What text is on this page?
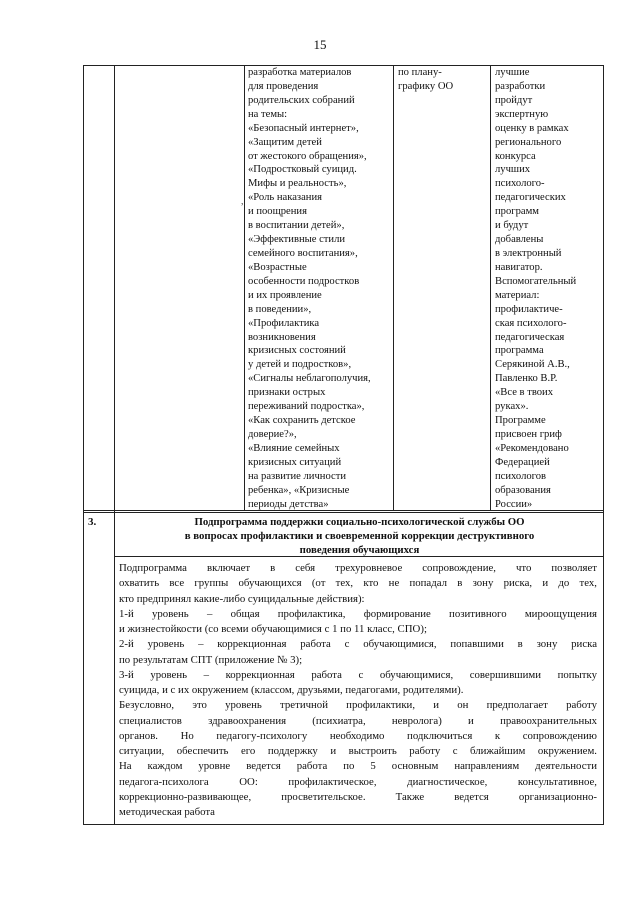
15
,
разработка материалов
для проведения
родительских собраний
на темы:
«Безопасный интернет»,
«Защитим детей
от жестокого обращения»,
«Подростковый суицид.
Мифы и реальность»,
«Роль наказания
и поощрения
в воспитании детей»,
«Эффективные стили
семейного воспитания»,
«Возрастные
особенности подростков
и их проявление
в поведении»,
«Профилактика
возникновения
кризисных состояний
у детей и подростков»,
«Сигналы неблагополучия,
признаки острых
переживаний подростка»,
«Как сохранить детское
доверие?»,
«Влияние семейных
кризисных ситуаций
на развитие личности
ребенка», «Кризисные
периоды детства»
по плану-
графику ОО
лучшие
разработки
пройдут
экспертную
оценку в рамках
регионального
конкурса
лучших
психолого-
педагогических
программ
и будут
добавлены
в электронный
навигатор.
Вспомогательный
материал:
профилактиче-
ская психолого-
педагогическая
программа
Серякиной А.В.,
Павленко В.Р.
«Все в твоих
руках».
Программе
присвоен гриф
«Рекомендовано
Федерацией
психологов
образования
России»
3.	Подпрограмма поддержки социально-психологической службы ОО
в вопросах профилактики и своевременной коррекции деструктивного
поведения обучающихся
Подпрограмма включает в себя трехуровневое сопровождение, что позволяет
охватить все группы обучающихся (от тех, кто не попадал в зону риска, и до тех,
кто предпринял какие-либо суицидальные действия):
1-й уровень – общая профилактика, формирование позитивного мироощущения
и жизнестойкости (со всеми обучающимися с 1 по 11 класс, СПО);
2-й уровень – коррекционная работа с обучающимися, попавшими в зону риска
по результатам СПТ (приложение № 3);
3-й уровень – коррекционная работа с обучающимися, совершившими попытку
суицида, и с их окружением (классом, друзьями, педагогами, родителями).
Безусловно, это уровень третичной профилактики, и он предполагает работу
специалистов здравоохранения (психиатра, невролога) и правоохранительных
органов. Но педагогу-психологу необходимо подключиться к сопровождению
ситуации, обеспечить его поддержку и выстроить работу с ближайшим окружением.
На каждом уровне ведется работа по 5 основным направлениям деятельности
педагога-психолога ОО: профилактическое, диагностическое, консультативное,
коррекционно-развивающее, просветительское. Также ведется организационно-
методическая работа
